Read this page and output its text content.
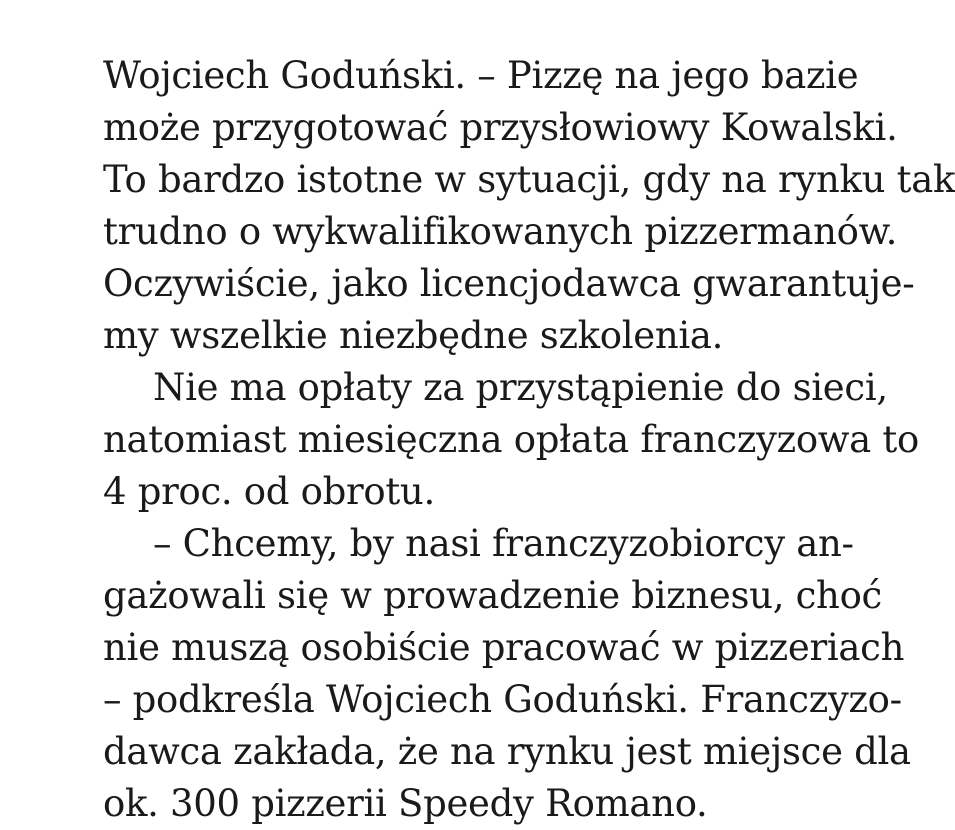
Wojciech Goduński. – Pizzę na jego bazie
może przygotować przysłowiowy Kowalski.
To bardzo istotne w sytuacji, gdy na rynku tak
trudno o wykwalifikowanych pizzermanów.
Oczywiście, jako licencjodawca gwarantuje-
my wszelkie niezbędne szkolenia.
Nie ma opłaty za przystąpienie do sieci,
natomiast miesięczna opłata franczyzowa to
4 proc. od obrotu.
– Chcemy, by nasi franczyzobiorcy an-
gażowali się w prowadzenie biznesu, choć
nie muszą osobiście pracować w pizzeriach
– podkreśla Wojciech Goduński. Franczyzo-
dawca zakłada, że na rynku jest miejsce dla
ok. 300 pizzerii Speedy Romano.
